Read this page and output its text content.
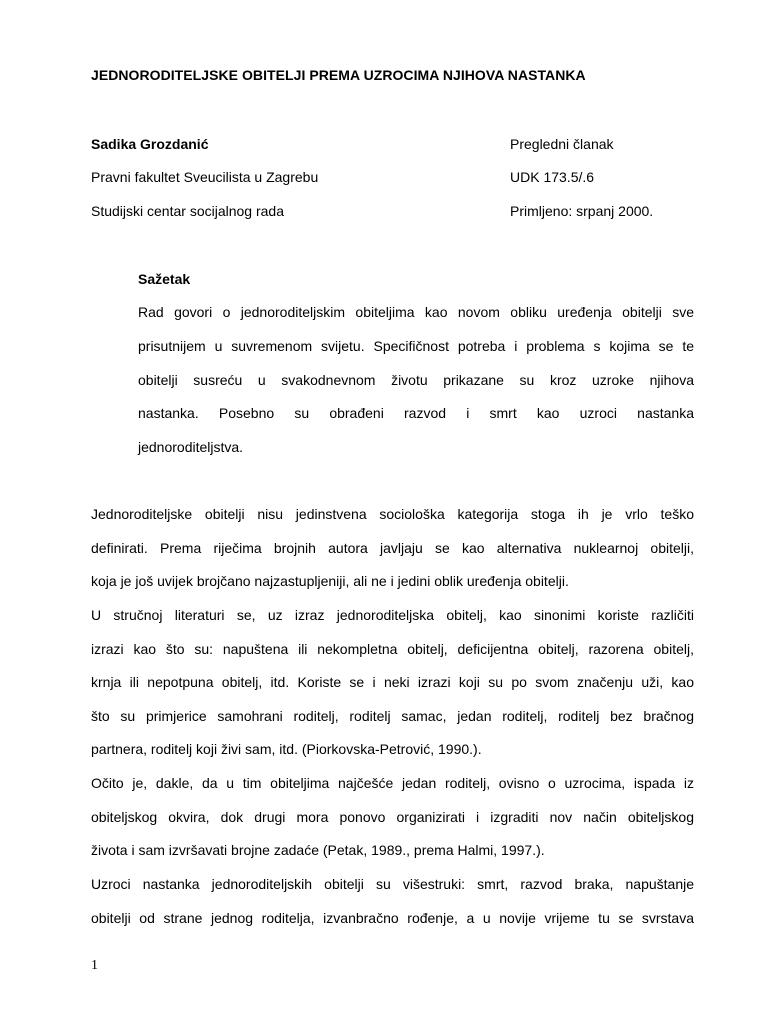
JEDNORODITELJSKE OBITELJI PREMA UZROCIMA NJIHOVA NASTANKA
Sadika Grozdanić	Pregledni članak
Pravni fakultet Sveucilista u Zagrebu	UDK 173.5/.6
Studijski centar socijalnog rada	Primljeno: srpanj 2000.
Sažetak
Rad govori o jednoroditeljskim obiteljima kao novom obliku uređenja obitelji sve
prisutnijem u suvremenom svijetu. Specifičnost potreba i problema s kojima se te
obitelji susreću u svakodnevnom životu prikazane su kroz uzroke njihova
nastanka. Posebno su obrađeni razvod i smrt kao uzroci nastanka
jednoroditeljstva.
Jednoroditeljske obitelji nisu jedinstvena sociološka kategorija stoga ih je vrlo teško
definirati. Prema riječima brojnih autora javljaju se kao alternativa nuklearnoj obitelji,
koja je još uvijek brojčano najzastupljeniji, ali ne i jedini oblik uređenja obitelji.
U stručnoj literaturi se, uz izraz jednoroditeljska obitelj, kao sinonimi koriste različiti
izrazi kao što su: napuštena ili nekompletna obitelj, deficijentna obitelj, razorena obitelj,
krnja ili nepotpuna obitelj, itd. Koriste se i neki izrazi koji su po svom značenju uži, kao
što su primjerice samohrani roditelj, roditelj samac, jedan roditelj, roditelj bez bračnog
partnera, roditelj koji živi sam, itd. (Piorkovska-Petrović, 1990.).
Očito je, dakle, da u tim obiteljima najčešće jedan roditelj, ovisno o uzrocima, ispada iz
obiteljskog okvira, dok drugi mora ponovo organizirati i izgraditi nov način obiteljskog
života i sam izvršavati brojne zadaće (Petak, 1989., prema Halmi, 1997.).
Uzroci nastanka jednoroditeljskih obitelji su višestruki: smrt, razvod braka, napuštanje
obitelji od strane jednog roditelja, izvanbračno rođenje, a u novije vrijeme tu se svrstava
1
